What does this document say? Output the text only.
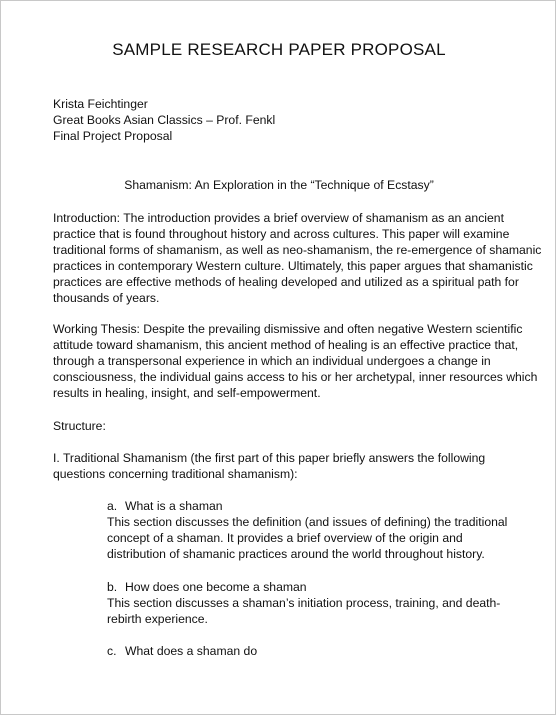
SAMPLE RESEARCH PAPER PROPOSAL
Krista Feichtinger
Great Books Asian Classics – Prof. Fenkl
Final Project Proposal
Shamanism: An Exploration in the “Technique of Ecstasy”
Introduction: The introduction provides a brief overview of shamanism as an ancient
practice that is found throughout history and across cultures. This paper will examine
traditional forms of shamanism, as well as neo-shamanism, the re-emergence of shamanic
practices in contemporary Western culture. Ultimately, this paper argues that shamanistic
practices are effective methods of healing developed and utilized as a spiritual path for
thousands of years.
Working Thesis: Despite the prevailing dismissive and often negative Western scientific
attitude toward shamanism, this ancient method of healing is an effective practice that,
through a transpersonal experience in which an individual undergoes a change in
consciousness, the individual gains access to his or her archetypal, inner resources which
results in healing, insight, and self-empowerment.
Structure:
I. Traditional Shamanism (the first part of this paper briefly answers the following
questions concerning traditional shamanism):
a. What is a shaman
This section discusses the definition (and issues of defining) the traditional
concept of a shaman. It provides a brief overview of the origin and
distribution of shamanic practices around the world throughout history.
b. How does one become a shaman
This section discusses a shaman’s initiation process, training, and death-
rebirth experience.
c. What does a shaman do
